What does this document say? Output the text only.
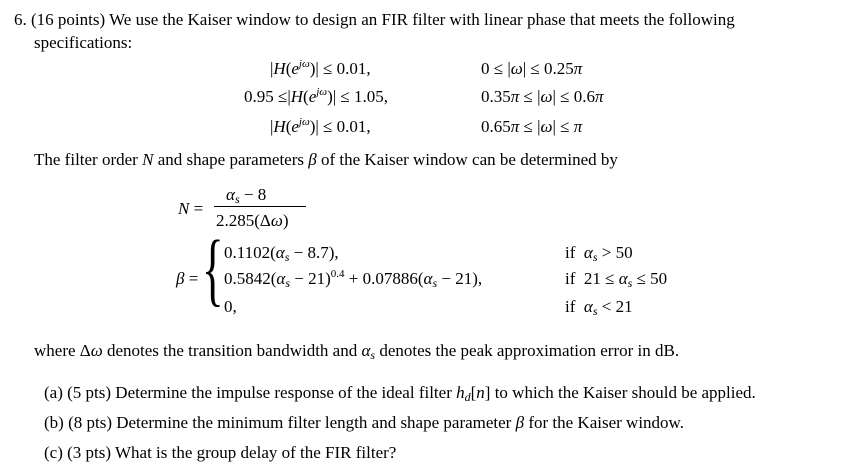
6. (16 points) We use the Kaiser window to design an FIR filter with linear phase that meets the following
specifications:
$|H(e^{j\omega})| \le 0.01$,	0 ≤ |ω| ≤ 0.25π
$0.95 \le|H(e^{j\omega})| \le 1.05$,	0.35π ≤ |ω| ≤ 0.6π
$|H(e^{j\omega})| \le 0.01$,	0.65π ≤ |ω| ≤ π
The filter order N and shape parameters β of the Kaiser window can be determined by
N =
$\alpha_s - 8$
2.285(Δω)
β = { $0.1102(\alpha_s - 8.7)$,	if  $\alpha_s > 50$
$0.5842(\alpha_s - 21)^{0.4} + 0.07886(\alpha_s - 21)$,	if  $21 \le \alpha_s \le 50$
0,	if  $\alpha_s < 21$
where Δω denotes the transition bandwidth and $\alpha_s$ denotes the peak approximation error in dB.
(a) (5 pts) Determine the impulse response of the ideal filter $h_d[n]$ to which the Kaiser should be applied.
(b) (8 pts) Determine the minimum filter length and shape parameter β for the Kaiser window.
(c) (3 pts) What is the group delay of the FIR filter?
